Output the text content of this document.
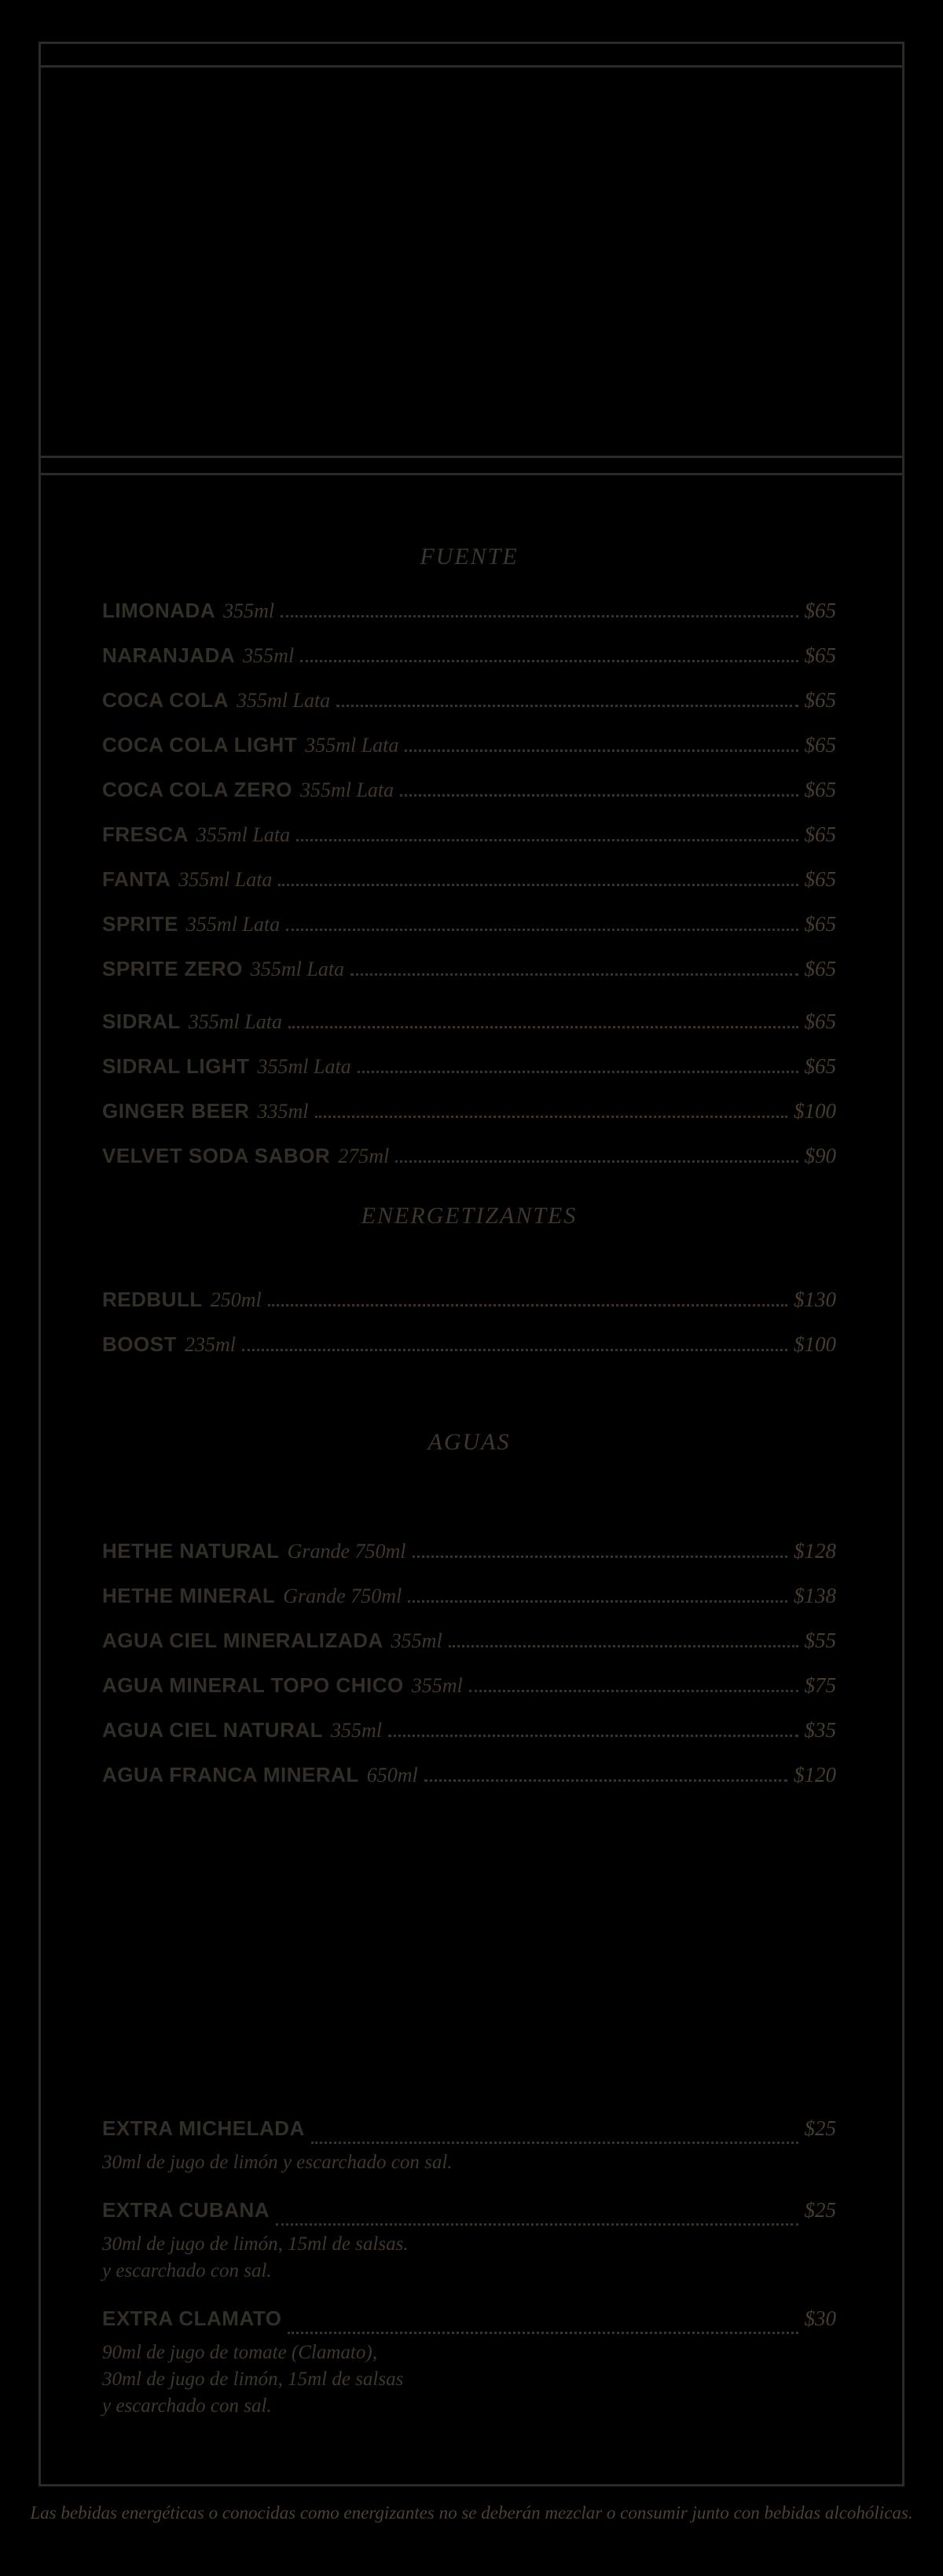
FUENTE
LIMONADA 355ml	$65
NARANJADA 355ml	$65
COCA COLA 355ml Lata	$65
COCA COLA LIGHT 355ml Lata	$65
COCA COLA ZERO 355ml Lata	$65
FRESCA 355ml Lata	$65
FANTA 355ml Lata	$65
SPRITE 355ml Lata	$65
SPRITE ZERO 355ml Lata	$65
SIDRAL 355ml Lata	$65
SIDRAL LIGHT 355ml Lata	$65
GINGER BEER 335ml	$100
VELVET SODA SABOR 275ml	$90
ENERGETIZANTES
REDBULL 250ml	$130
BOOST 235ml	$100
AGUAS
HETHE NATURAL Grande 750ml	$128
HETHE MINERAL Grande 750ml	$138
AGUA CIEL MINERALIZADA 355ml	$55
AGUA MINERAL TOPO CHICO 355ml	$75
AGUA CIEL NATURAL 355ml	$35
AGUA FRANCA MINERAL 650ml	$120
EXTRA MICHELADA	$25
30ml de jugo de limón y escarchado con sal.
EXTRA CUBANA	$25
30ml de jugo de limón, 15ml de salsas.
y escarchado con sal.
EXTRA CLAMATO	$30
90ml de jugo de tomate (Clamato),
30ml de jugo de limón, 15ml de salsas
y escarchado con sal.
Las bebidas energéticas o conocidas como energizantes no se deberán mezclar o consumir junto con bebidas alcohólicas.
